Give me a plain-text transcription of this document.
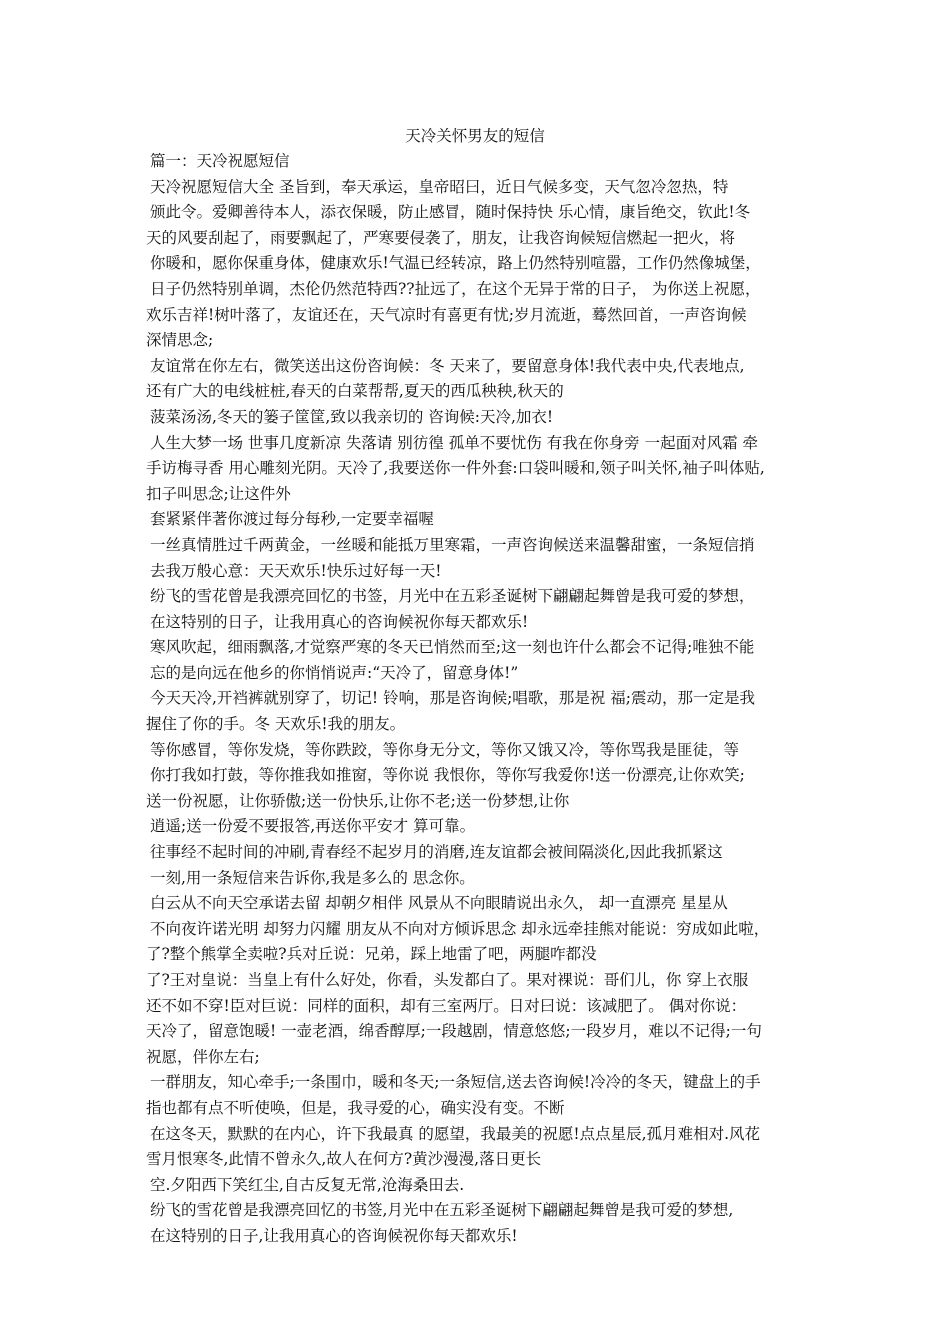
天冷关怀男友的短信
篇一：天冷祝愿短信
天冷祝愿短信大全 圣旨到，奉天承运，皇帝昭曰，近日气候多变，天气忽冷忽热，特
颁此令。爱卿善待本人，添衣保暖，防止感冒，随时保持快 乐心情，康旨绝交，钦此!冬
天的风要刮起了，雨要飘起了，严寒要侵袭了，朋友，让我咨询候短信燃起一把火，将
你暖和，愿你保重身体，健康欢乐!气温已经转凉，路上仍然特别喧嚣，工作仍然像城堡，
日子仍然特别单调，杰伦仍然范特西??扯远了，在这个无异于常的日子， 为你送上祝愿，
欢乐吉祥!树叶落了，友谊还在，天气凉时有喜更有忧;岁月流逝，蓦然回首，一声咨询候
深情思念;
友谊常在你左右，微笑送出这份咨询候：冬 天来了，要留意身体!我代表中央,代表地点,
还有广大的电线桩桩,春天的白菜帮帮,夏天的西瓜秧秧,秋天的
菠菜汤汤,冬天的篓子筐筐,致以我亲切的 咨询候:天冷,加衣!
人生大梦一场 世事几度新凉 失落请 别彷徨 孤单不要忧伤 有我在你身旁 一起面对风霜 牵
手访梅寻香 用心雕刻光阴。天冷了,我要送你一件外套:口袋叫暖和,领子叫关怀,袖子叫体贴,
扣子叫思念;让这件外
套紧紧伴著你渡过每分每秒,一定要幸福喔
一丝真情胜过千两黄金，一丝暖和能抵万里寒霜，一声咨询候送来温馨甜蜜，一条短信捎
去我万般心意：天天欢乐!快乐过好每一天!
纷飞的雪花曾是我漂亮回忆的书签，月光中在五彩圣诞树下翩翩起舞曾是我可爱的梦想，
在这特别的日子，让我用真心的咨询候祝你每天都欢乐!
寒风吹起，细雨飘落,才觉察严寒的冬天已悄然而至;这一刻也许什么都会不记得;唯独不能
忘的是向远在他乡的你悄悄说声:“天冷了，留意身体!”
今天天冷,开裆裤就别穿了，切记! 铃响，那是咨询候;唱歌，那是祝 福;震动，那一定是我
握住了你的手。冬 天欢乐!我的朋友。
等你感冒，等你发烧，等你跌跤，等你身无分文，等你又饿又冷，等你骂我是匪徒，等
你打我如打鼓，等你推我如推窗，等你说 我恨你，等你写我爱你!送一份漂亮,让你欢笑;
送一份祝愿，让你骄傲;送一份快乐,让你不老;送一份梦想,让你
逍遥;送一份爱不要报答,再送你平安才 算可靠。
往事经不起时间的冲刷,青春经不起岁月的消磨,连友谊都会被间隔淡化,因此我抓紧这
一刻,用一条短信来告诉你,我是多么的 思念你。
白云从不向天空承诺去留 却朝夕相伴 风景从不向眼睛说出永久， 却一直漂亮 星星从
不向夜许诺光明 却努力闪耀 朋友从不向对方倾诉思念 却永远牵挂熊对能说：穷成如此啦，
了?整个熊掌全卖啦?兵对丘说：兄弟，踩上地雷了吧，两腿咋都没
了?王对皇说：当皇上有什么好处，你看，头发都白了。果对裸说：哥们儿，你 穿上衣服
还不如不穿!臣对巨说：同样的面积，却有三室两厅。日对曰说：该减肥了。 偶对你说：
天冷了，留意饱暖! 一壶老酒，绵香醇厚;一段越剧，情意悠悠;一段岁月，难以不记得;一句
祝愿，伴你左右;
一群朋友，知心牵手;一条围巾，暖和冬天;一条短信,送去咨询候!冷冷的冬天，键盘上的手
指也都有点不听使唤，但是，我寻爱的心，确实没有变。不断
在这冬天，默默的在内心，许下我最真 的愿望，我最美的祝愿!点点星辰,孤月难相对.风花
雪月恨寒冬,此情不曾永久,故人在何方?黄沙漫漫,落日更长
空.夕阳西下笑红尘,自古反复无常,沧海桑田去.
纷飞的雪花曾是我漂亮回忆的书签,月光中在五彩圣诞树下翩翩起舞曾是我可爱的梦想,
在这特别的日子,让我用真心的咨询候祝你每天都欢乐!
